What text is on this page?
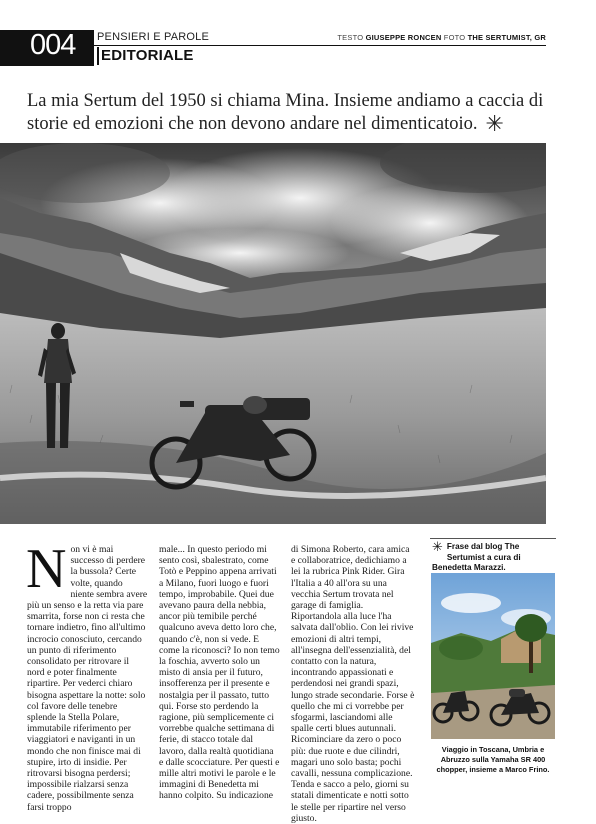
004 PENSIERI E PAROLE
EDITORIALE
TESTO GIUSEPPE RONCEN FOTO THE SERTUMIST, GR
La mia Sertum del 1950 si chiama Mina. Insieme andiamo a caccia di storie ed emozioni che non devono andare nel dimenticatoio. ✳
N on vi è mai successo di perdere la bussola? Certe volte, quando niente sembra avere più un senso e la retta via pare smarrita, forse non ci resta che tornare indietro, fino all'ultimo incrocio conosciuto, cercando un punto di riferimento consolidato per ritrovare il nord e poter finalmente ripartire. Per vederci chiaro bisogna aspettare la notte: solo col favore delle tenebre splende la Stella Polare, immutabile riferimento per viaggiatori e naviganti in un mondo che non finisce mai di stupire, irto di insidie. Per ritrovarsi bisogna perdersi; impossibile rialzarsi senza cadere, possibilmente senza farsi troppo

male... In questo periodo mi sento così, sbalestrato, come Totò e Peppino appena arrivati a Milano, fuori luogo e fuori tempo, improbabile. Quei due avevano paura della nebbia, ancor più temibile perché qualcuno aveva detto loro che, quando c'è, non si vede. E come la riconosci? Io non temo la foschia, avverto solo un misto di ansia per il futuro, insofferenza per il presente e nostalgia per il passato, tutto qui. Forse sto perdendo la ragione, più semplicemente ci vorrebbe qualche settimana di ferie, di stacco totale dal lavoro, dalla realtà quotidiana e dalle scocciature. Per questi e mille altri motivi le parole e le immagini di Benedetta mi hanno colpito. Su indicazione

di Simona Roberto, cara amica e collaboratrice, dedichiamo a lei la rubrica Pink Rider. Gira l'Italia a 40 all'ora su una vecchia Sertum trovata nel garage di famiglia. Riportandola alla luce l'ha salvata dall'oblio. Con lei rivive emozioni di altri tempi, all'insegna dell'essenzialità, del contatto con la natura, incontrando appassionati e perdendosi nei grandi spazi, lungo strade secondarie. Forse è quello che mi ci vorrebbe per sfogarmi, lasciandomi alle spalle certi blues autunnali. Ricominciare da zero o poco più: due ruote e due cilindri, magari uno solo basta; pochi cavalli, nessuna complicazione. Tenda e sacco a pelo, giorni su statali dimenticate e notti sotto le stelle per ripartire nel verso giusto.

✳ Frase dal blog The Sertumist a cura di Benedetta Marazzi.
Viaggio in Toscana, Umbria e Abruzzo sulla Yamaha SR 400 chopper, insieme a Marco Frino.
